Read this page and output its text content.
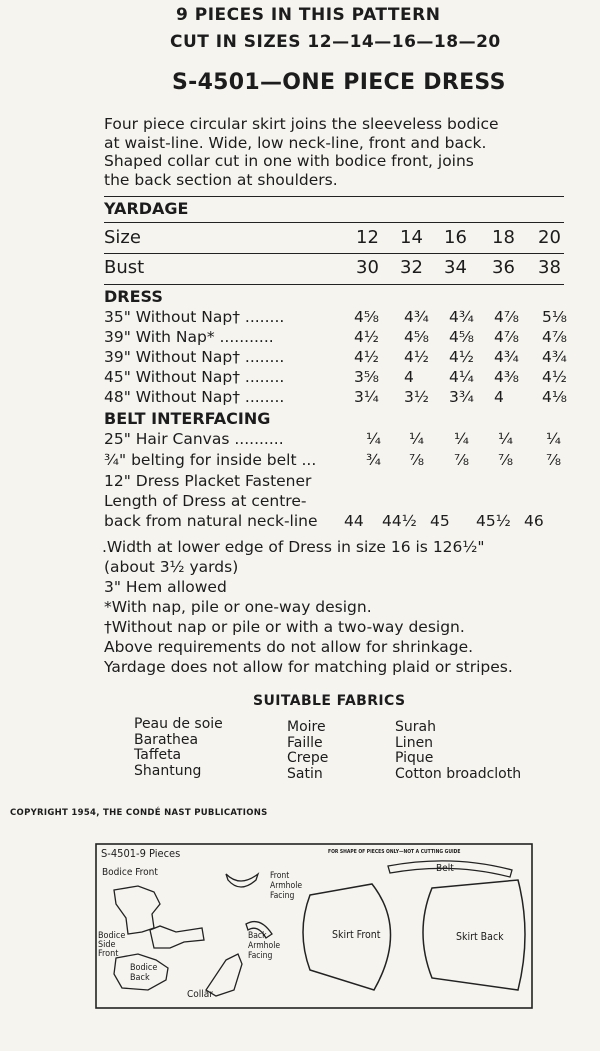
9 PIECES IN THIS PATTERN
CUT IN SIZES 12—14—16—18—20
S-4501—ONE PIECE DRESS
Four piece circular skirt joins the sleeveless bodice
at waist-line. Wide, low neck-line, front and back.
Shaped collar cut in one with bodice front, joins
the back section at shoulders.
YARDAGE
Size	12 14 16 18 20
Bust	30 32 34 36 38
DRESS
35" Without Nap† ........	4⅝ 4¾ 4¾ 4⅞ 5⅛
39" With Nap* ...........	4½ 4⅝ 4⅝ 4⅞ 4⅞
39" Without Nap† ........	4½ 4½ 4½ 4¾ 4¾
45" Without Nap† ........	3⅝ 4 4¼ 4⅜ 4½
48" Without Nap† ........	3¼ 3½ 3¾ 4 4⅛
BELT INTERFACING
25" Hair Canvas ..........	¼ ¼ ¼ ¼ ¼
¾" belting for inside belt ...	¾ ⅞ ⅞ ⅞ ⅞
12" Dress Placket Fastener
Length of Dress at centre-
back from natural neck-line 44 44½ 45 45½ 46
.Width at lower edge of Dress in size 16 is 126½"
(about 3½ yards)
3" Hem allowed
*With nap, pile or one-way design.
†Without nap or pile or with a two-way design.
Above requirements do not allow for shrinkage.
Yardage does not allow for matching plaid or stripes.
SUITABLE FABRICS
Peau de soie
Barathea
Taffeta
Shantung
Moire
Faille
Crepe
Satin
Surah
Linen
Pique
Cotton broadcloth
COPYRIGHT 1954, THE CONDÉ NAST PUBLICATIONS
S-4501-9 Pieces	FOR SHAPE OF PIECES ONLY—NOT A CUTTING GUIDE
Belt
Bodice Front	Front
Armhole
Facing
Bodice
Side
Front
Bodice
Back
Back
Armhole
Facing
Collar
Skirt Front	Skirt Back
